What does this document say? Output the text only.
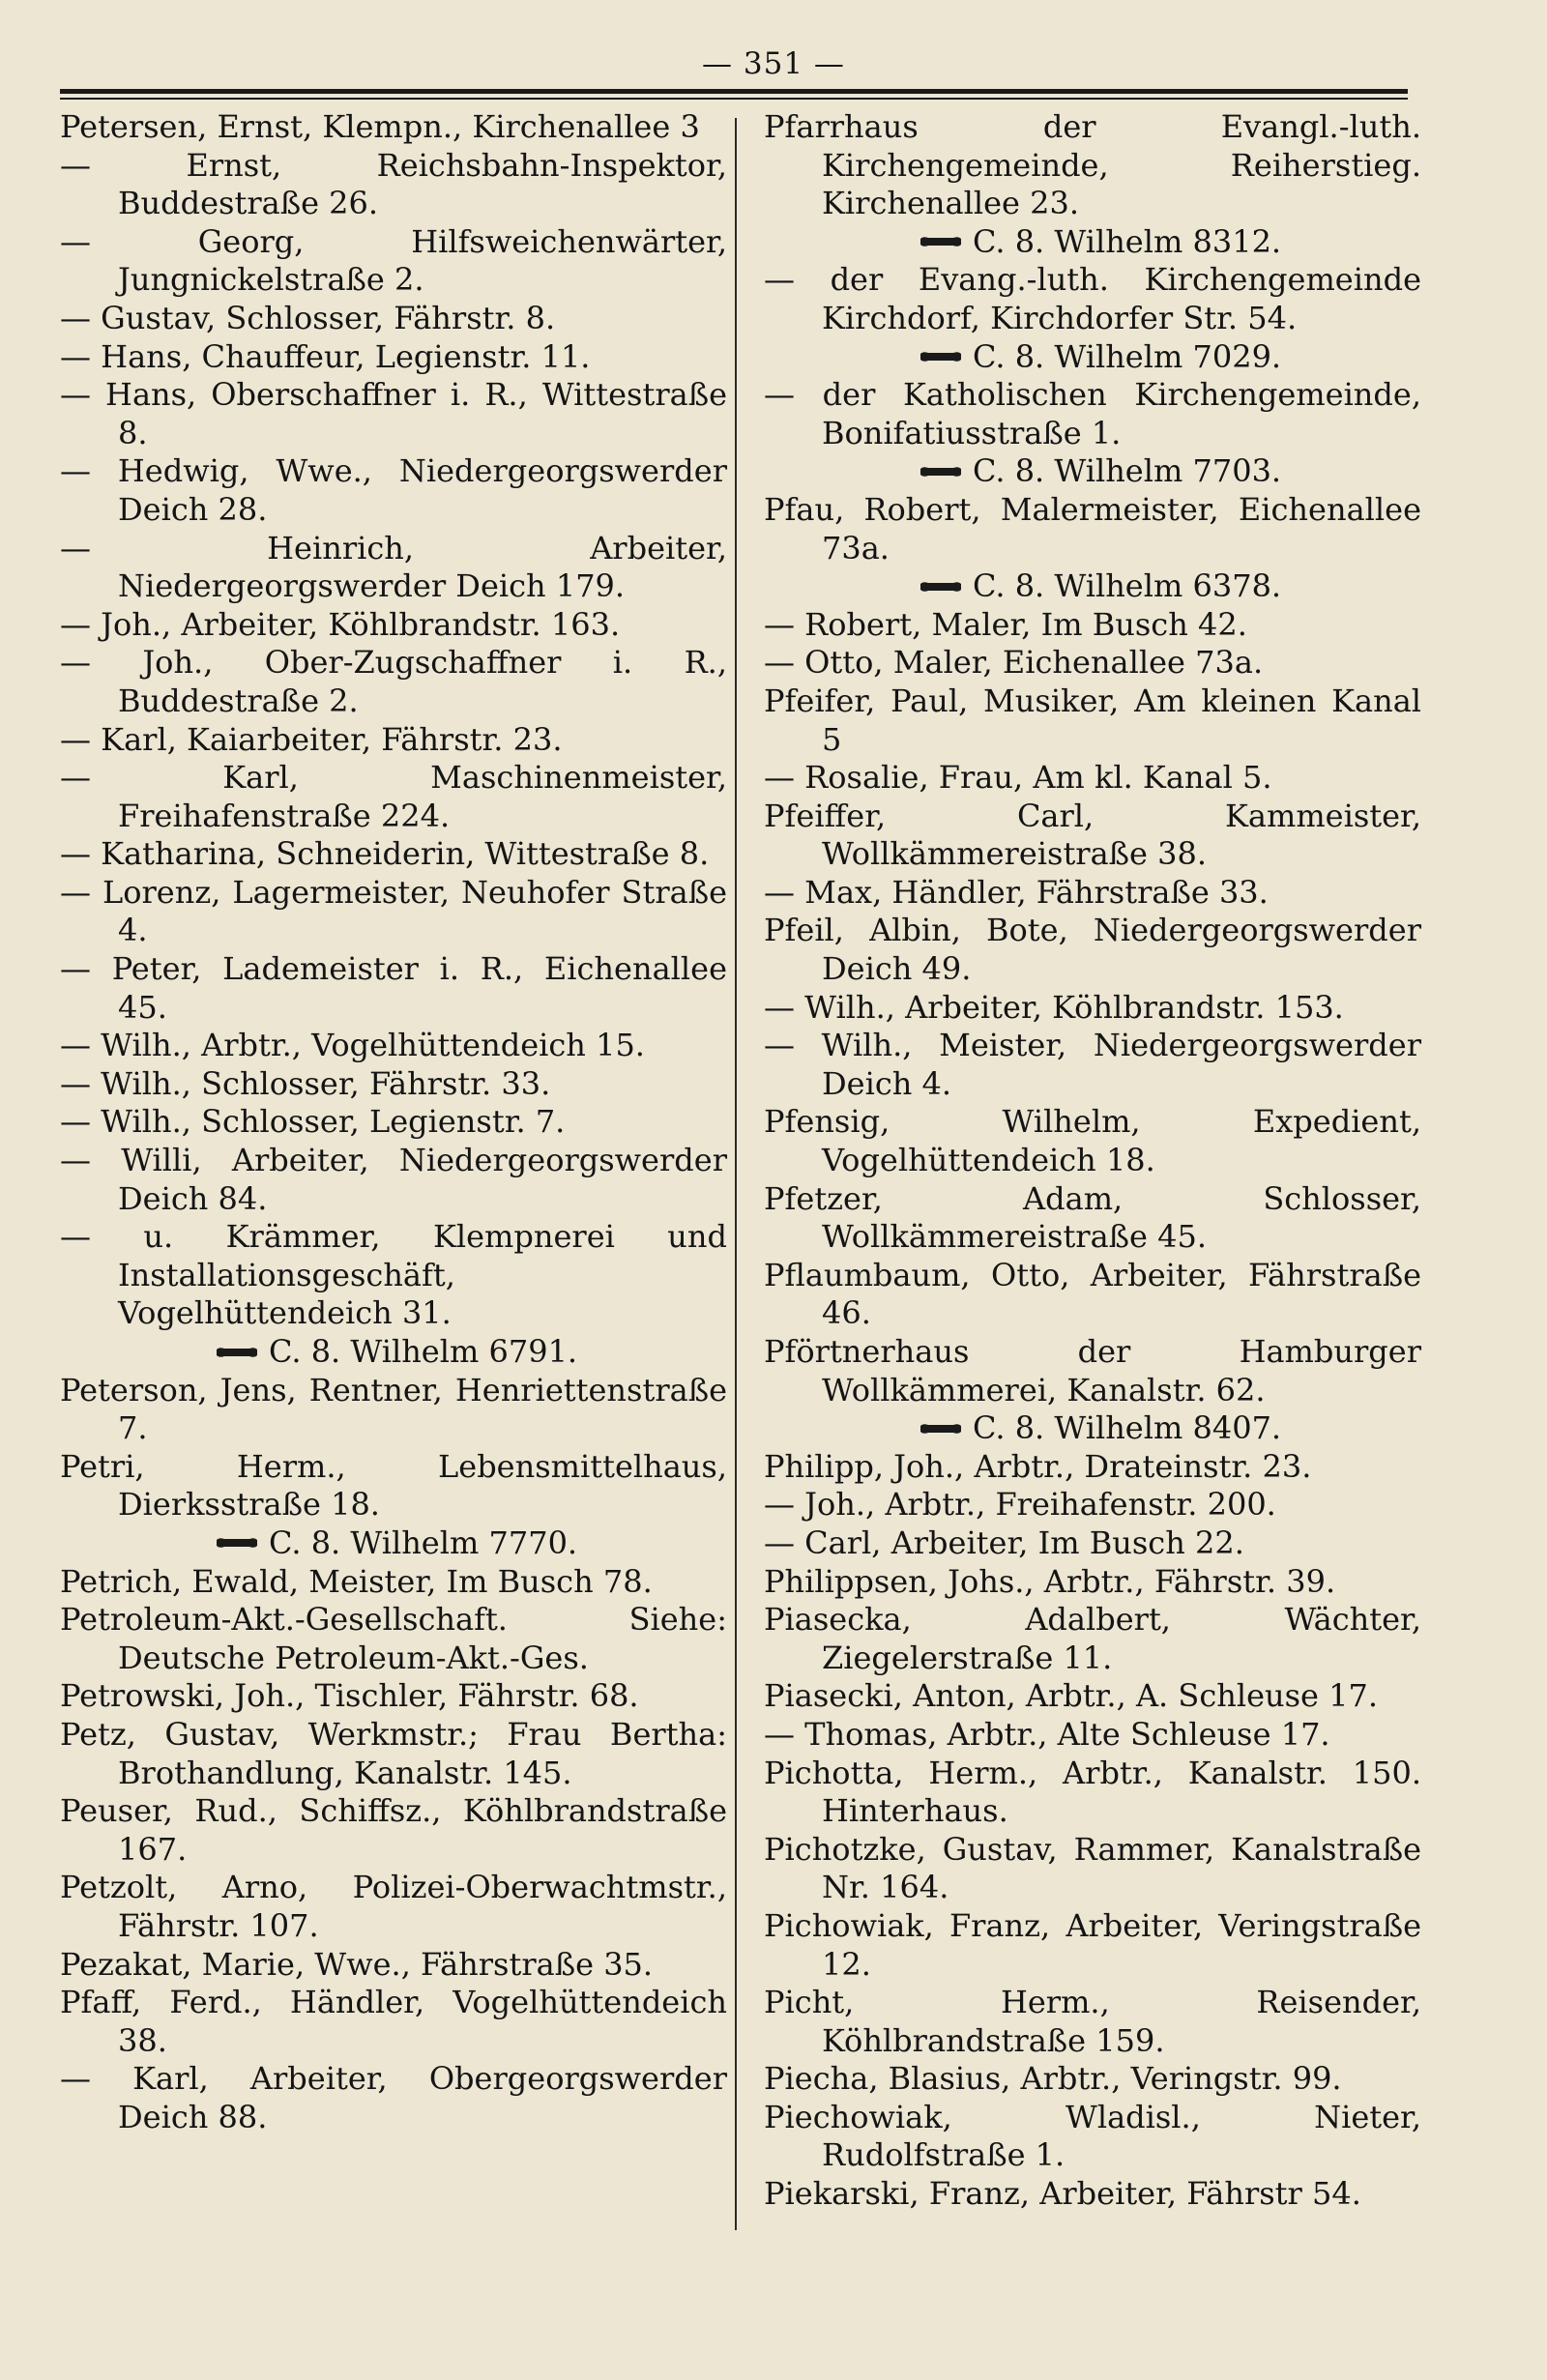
— 351 —
Petersen, Ernst, Klempn., Kirchenallee 3
— Ernst, Reichsbahn-Inspektor, Buddestraße 26.
— Georg, Hilfsweichenwärter, Jungnickelstraße 2.
— Gustav, Schlosser, Fährstr. 8.
— Hans, Chauffeur, Legienstr. 11.
— Hans, Oberschaffner i. R., Wittestraße 8.
— Hedwig, Wwe., Niedergeorgswerder Deich 28.
— Heinrich, Arbeiter, Niedergeorgswerder Deich 179.
— Joh., Arbeiter, Köhlbrandstr. 163.
— Joh., Ober-Zugschaffner i. R., Buddestraße 2.
— Karl, Kaiarbeiter, Fährstr. 23.
— Karl, Maschinenmeister, Freihafenstraße 224.
— Katharina, Schneiderin, Wittestraße 8.
— Lorenz, Lagermeister, Neuhofer Straße 4.
— Peter, Lademeister i. R., Eichenallee 45.
— Wilh., Arbtr., Vogelhüttendeich 15.
— Wilh., Schlosser, Fährstr. 33.
— Wilh., Schlosser, Legienstr. 7.
— Willi, Arbeiter, Niedergeorgswerder Deich 84.
— u. Krämmer, Klempnerei und Installationsgeschäft, Vogelhüttendeich 31.
C. 8. Wilhelm 6791.
Peterson, Jens, Rentner, Henriettenstraße 7.
Petri, Herm., Lebensmittelhaus, Dierksstraße 18.
C. 8. Wilhelm 7770.
Petrich, Ewald, Meister, Im Busch 78.
Petroleum-Akt.-Gesellschaft. Siehe: Deutsche Petroleum-Akt.-Ges.
Petrowski, Joh., Tischler, Fährstr. 68.
Petz, Gustav, Werkmstr.; Frau Bertha: Brothandlung, Kanalstr. 145.
Peuser, Rud., Schiffsz., Köhlbrandstraße 167.
Petzolt, Arno, Polizei-Oberwachtmstr., Fährstr. 107.
Pezakat, Marie, Wwe., Fährstraße 35.
Pfaff, Ferd., Händler, Vogelhüttendeich 38.
— Karl, Arbeiter, Obergeorgswerder Deich 88.
Pfarrhaus der Evangl.-luth. Kirchengemeinde, Reiherstieg. Kirchenallee 23.
C. 8. Wilhelm 8312.
— der Evang.-luth. Kirchengemeinde Kirchdorf, Kirchdorfer Str. 54.
C. 8. Wilhelm 7029.
— der Katholischen Kirchengemeinde, Bonifatiusstraße 1.
C. 8. Wilhelm 7703.
Pfau, Robert, Malermeister, Eichenallee 73a.
C. 8. Wilhelm 6378.
— Robert, Maler, Im Busch 42.
— Otto, Maler, Eichenallee 73a.
Pfeifer, Paul, Musiker, Am kleinen Kanal 5
— Rosalie, Frau, Am kl. Kanal 5.
Pfeiffer, Carl, Kammeister, Wollkämmereistraße 38.
— Max, Händler, Fährstraße 33.
Pfeil, Albin, Bote, Niedergeorgswerder Deich 49.
— Wilh., Arbeiter, Köhlbrandstr. 153.
— Wilh., Meister, Niedergeorgswerder Deich 4.
Pfensig, Wilhelm, Expedient, Vogelhüttendeich 18.
Pfetzer, Adam, Schlosser, Wollkämmereistraße 45.
Pflaumbaum, Otto, Arbeiter, Fährstraße 46.
Pförtnerhaus der Hamburger Wollkämmerei, Kanalstr. 62.
C. 8. Wilhelm 8407.
Philipp, Joh., Arbtr., Drateinstr. 23.
— Joh., Arbtr., Freihafenstr. 200.
— Carl, Arbeiter, Im Busch 22.
Philippsen, Johs., Arbtr., Fährstr. 39.
Piasecka, Adalbert, Wächter, Ziegelerstraße 11.
Piasecki, Anton, Arbtr., A. Schleuse 17.
— Thomas, Arbtr., Alte Schleuse 17.
Pichotta, Herm., Arbtr., Kanalstr. 150. Hinterhaus.
Pichotzke, Gustav, Rammer, Kanalstraße Nr. 164.
Pichowiak, Franz, Arbeiter, Veringstraße 12.
Picht, Herm., Reisender, Köhlbrandstraße 159.
Piecha, Blasius, Arbtr., Veringstr. 99.
Piechowiak, Wladisl., Nieter, Rudolfstraße 1.
Piekarski, Franz, Arbeiter, Fährstr 54.
